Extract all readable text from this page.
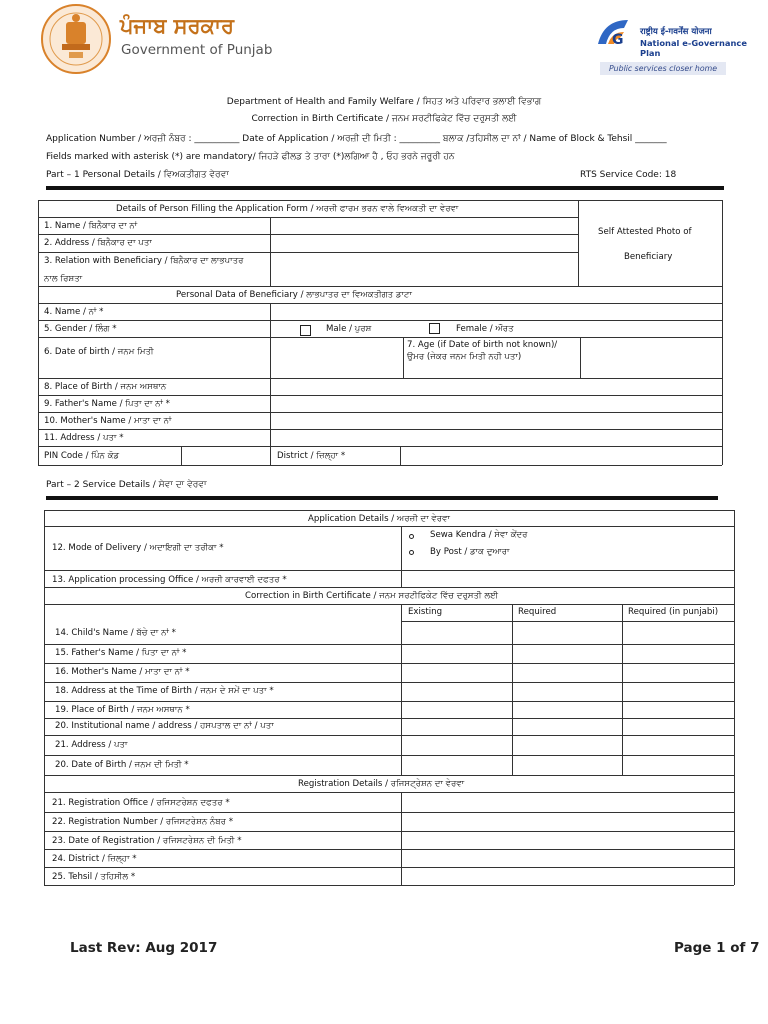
ਪੰਜਾਬ ਸਰਕਾਰ
Government of Punjab
G राष्ट्रीय ई-गवर्नेंस योजना
National e-Governance Plan
Public services closer home
Department of Health and Family Welfare / ਸਿਹਤ ਅਤੇ ਪਰਿਵਾਰ ਭਲਾਈ ਵਿਭਾਗ
Correction in Birth Certificate / ਜਨਮ ਸਰਟੀਫਿਕੇਟ ਵਿੱਚ ਦਰੁਸਤੀ ਲਈ
Application Number / ਅਰਜ਼ੀ ਨੰਬਰ : __________ Date of Application / ਅਰਜ਼ੀ ਦੀ ਮਿਤੀ : _________ ਬਲਾਕ /ਤਹਿਸੀਲ ਦਾ ਨਾਂ / Name of Block & Tehsil _______
Fields marked with asterisk (*) are mandatory/ ਜਿਹੜੇ ਫੀਲਡ ਤੇ ਤਾਰਾ (*)ਲਗਿਆ ਹੈ , ਓਹ ਭਰਨੇ ਜਰੂਰੀ ਹਨ
Part – 1 Personal Details / ਵਿਅਕਤੀਗਤ ਵੇਰਵਾ	RTS Service Code: 18
Details of Person Filling the Application Form / ਅਰਜ਼ੀ ਫਾਰਮ ਭਰਨ ਵਾਲੇ ਵਿਅਕਤੀ ਦਾ ਵੇਰਵਾ
Self Attested Photo of
Beneficiary
1. Name / ਬਿਨੈਕਾਰ ਦਾ ਨਾਂ
2. Address / ਬਿਨੈਕਾਰ ਦਾ ਪਤਾ
3. Relation with Beneficiary / ਬਿਨੈਕਾਰ ਦਾ ਲਾਭਪਾਤਰ
ਨਾਲ ਰਿਸ਼ਤਾ
Personal Data of Beneficiary / ਲਾਭਪਾਤਰ ਦਾ ਵਿਅਕਤੀਗਤ ਡਾਟਾ
4. Name / ਨਾਂ *
5. Gender / ਲਿੰਗ *	Male / ਪੁਰਸ਼	Female / ਔਰਤ
6. Date of birth / ਜਨਮ ਮਿਤੀ
7. Age (if Date of birth not known)/
ਉਮਰ (ਜੇਕਰ ਜਨਮ ਮਿਤੀ ਨਹੀ ਪਤਾ)
8. Place of Birth / ਜਨਮ ਅਸਥਾਨ
9. Father's Name / ਪਿਤਾ ਦਾ ਨਾਂ *
10. Mother's Name / ਮਾਤਾ ਦਾ ਨਾਂ
11. Address / ਪਤਾ *
PIN Code / ਪਿੰਨ ਕੋਡ	District / ਜ਼ਿਲ੍ਹਾ *
Part – 2 Service Details / ਸੇਵਾ ਦਾ ਵੇਰਵਾ
Application Details / ਅਰਜ਼ੀ ਦਾ ਵੇਰਵਾ
12. Mode of Delivery / ਅਦਾਇਗੀ ਦਾ ਤਰੀਕਾ *
Sewa Kendra / ਸੇਵਾ ਕੇਂਦਰ
By Post / ਡਾਕ ਦੁਆਰਾ
13. Application processing Office / ਅਰਜ਼ੀ ਕਾਰਵਾਈ ਦਫਤਰ *
Correction in Birth Certificate / ਜਨਮ ਸਰਟੀਫਿਕੇਟ ਵਿੱਚ ਦਰੁਸਤੀ ਲਈ
Existing	Required	Required (in punjabi)
14. Child's Name / ਬੱਚੇ ਦਾ ਨਾਂ *
15. Father's Name / ਪਿਤਾ ਦਾ ਨਾਂ *
16. Mother's Name / ਮਾਤਾ ਦਾ ਨਾਂ *
18. Address at the Time of Birth / ਜਨਮ ਦੇ ਸਮੇਂ ਦਾ ਪਤਾ *
19. Place of Birth / ਜਨਮ ਅਸਥਾਨ *
20. Institutional name / address / ਹਸਪਤਾਲ ਦਾ ਨਾਂ / ਪਤਾ
21. Address / ਪਤਾ
20. Date of Birth / ਜਨਮ ਦੀ ਮਿਤੀ *
Registration Details / ਰਜਿਸਟ੍ਰੇਸ਼ਨ ਦਾ ਵੇਰਵਾ
21. Registration Office / ਰਜਿਸਟਰੇਸ਼ਨ ਦਫਤਰ *
22. Registration Number / ਰਜਿਸਟਰੇਸ਼ਨ ਨੰਬਰ *
23. Date of Registration / ਰਜਿਸਟਰੇਸ਼ਨ ਦੀ ਮਿਤੀ *
24. District / ਜ਼ਿਲ੍ਹਾ *
25. Tehsil / ਤਹਿਸੀਲ *
Last Rev: Aug 2017	Page 1 of 7
